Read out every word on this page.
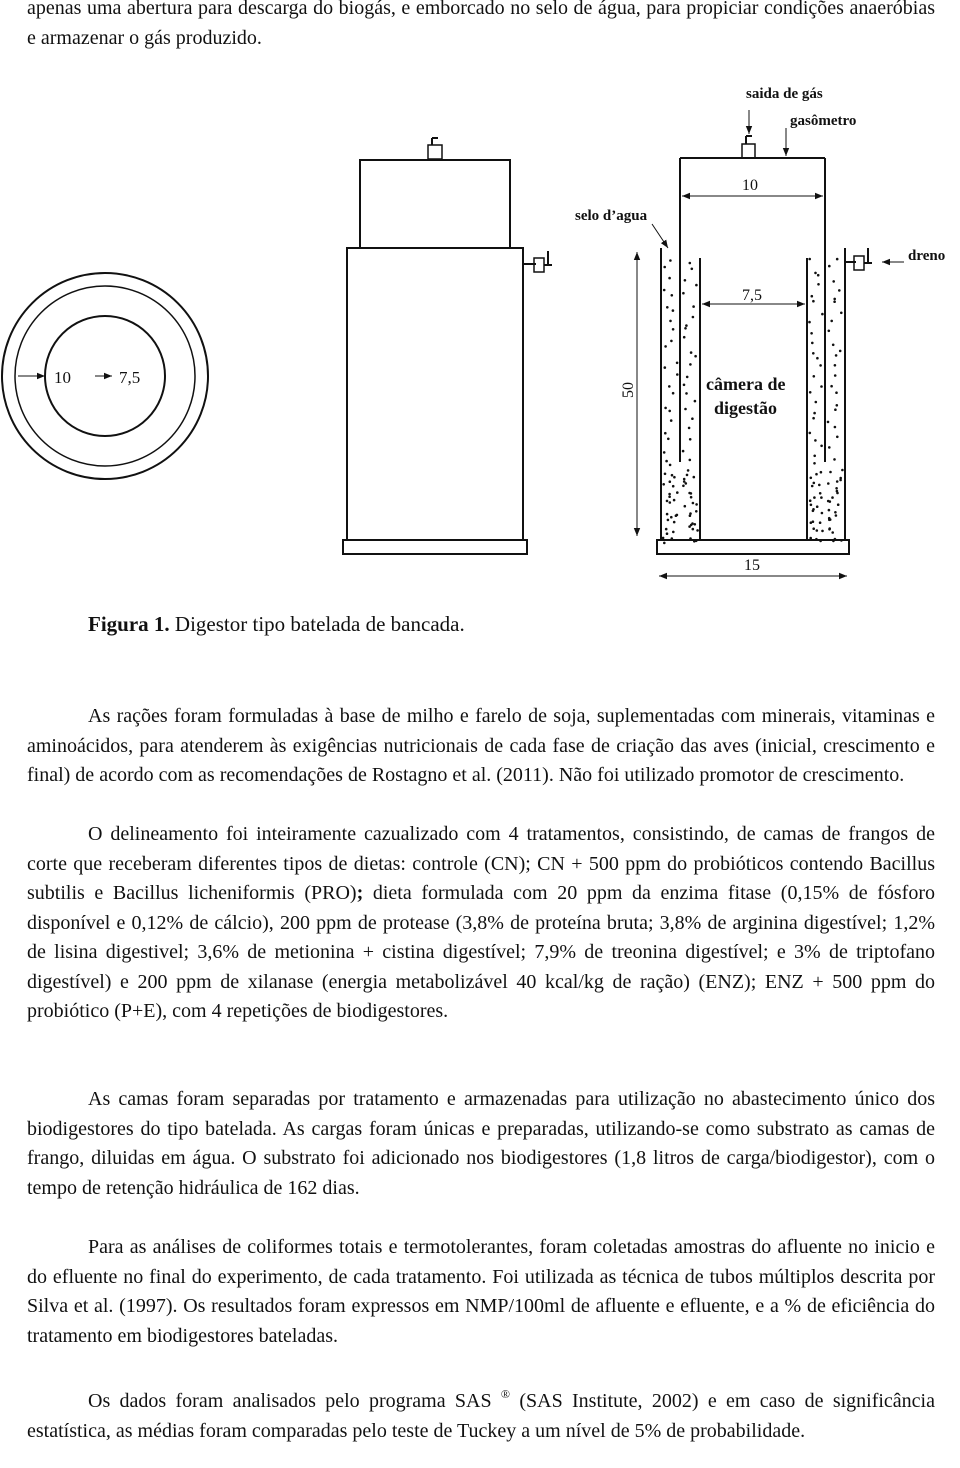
apenas uma abertura para descarga do biogás, e emborcado no selo de água, para propiciar condições anaeróbias e armazenar o gás produzido.

10	7,5
saida de gás
gasômetro
10
selo d’agua
dreno
7,5
50	câmera de
digestão
15
Figura 1. Digestor tipo batelada de bancada.

As rações foram formuladas à base de milho e farelo de soja, suplementadas com minerais, vitaminas e aminoácidos, para atenderem às exigências nutricionais de cada fase de criação das aves (inicial, crescimento e final) de acordo com as recomendações de Rostagno et al. (2011). Não foi utilizado promotor de crescimento.

O delineamento foi inteiramente cazualizado com 4 tratamentos, consistindo, de camas de frangos de corte que receberam diferentes tipos de dietas: controle (CN); CN + 500 ppm do probióticos contendo Bacillus subtilis e Bacillus licheniformis (PRO); dieta formulada com 20 ppm da enzima fitase (0,15% de fósforo disponível e 0,12% de cálcio), 200 ppm de protease (3,8% de proteína bruta; 3,8% de arginina digestível; 1,2% de lisina digestivel; 3,6% de metionina + cistina digestível; 7,9% de treonina digestível; e 3% de triptofano digestível) e 200 ppm de xilanase (energia metabolizável 40 kcal/kg de ração) (ENZ); ENZ + 500 ppm do probiótico (P+E), com 4 repetições de biodigestores.

As camas foram separadas por tratamento e armazenadas para utilização no abastecimento único dos biodigestores do tipo batelada. As cargas foram únicas e preparadas, utilizando-se como substrato as camas de frango, diluidas em água. O substrato foi adicionado nos biodigestores (1,8 litros de carga/biodigestor), com o tempo de retenção hidráulica de 162 dias.

Para as análises de coliformes totais e termotolerantes, foram coletadas amostras do afluente no inicio e do efluente no final do experimento, de cada tratamento. Foi utilizada as técnica de tubos múltiplos descrita por Silva et al. (1997). Os resultados foram expressos em NMP/100ml de afluente e efluente, e a % de eficiência do tratamento em biodigestores bateladas.

Os dados foram analisados pelo programa SAS ® (SAS Institute, 2002) e em caso de significância estatística, as médias foram comparadas pelo teste de Tuckey a um nível de 5% de probabilidade.
